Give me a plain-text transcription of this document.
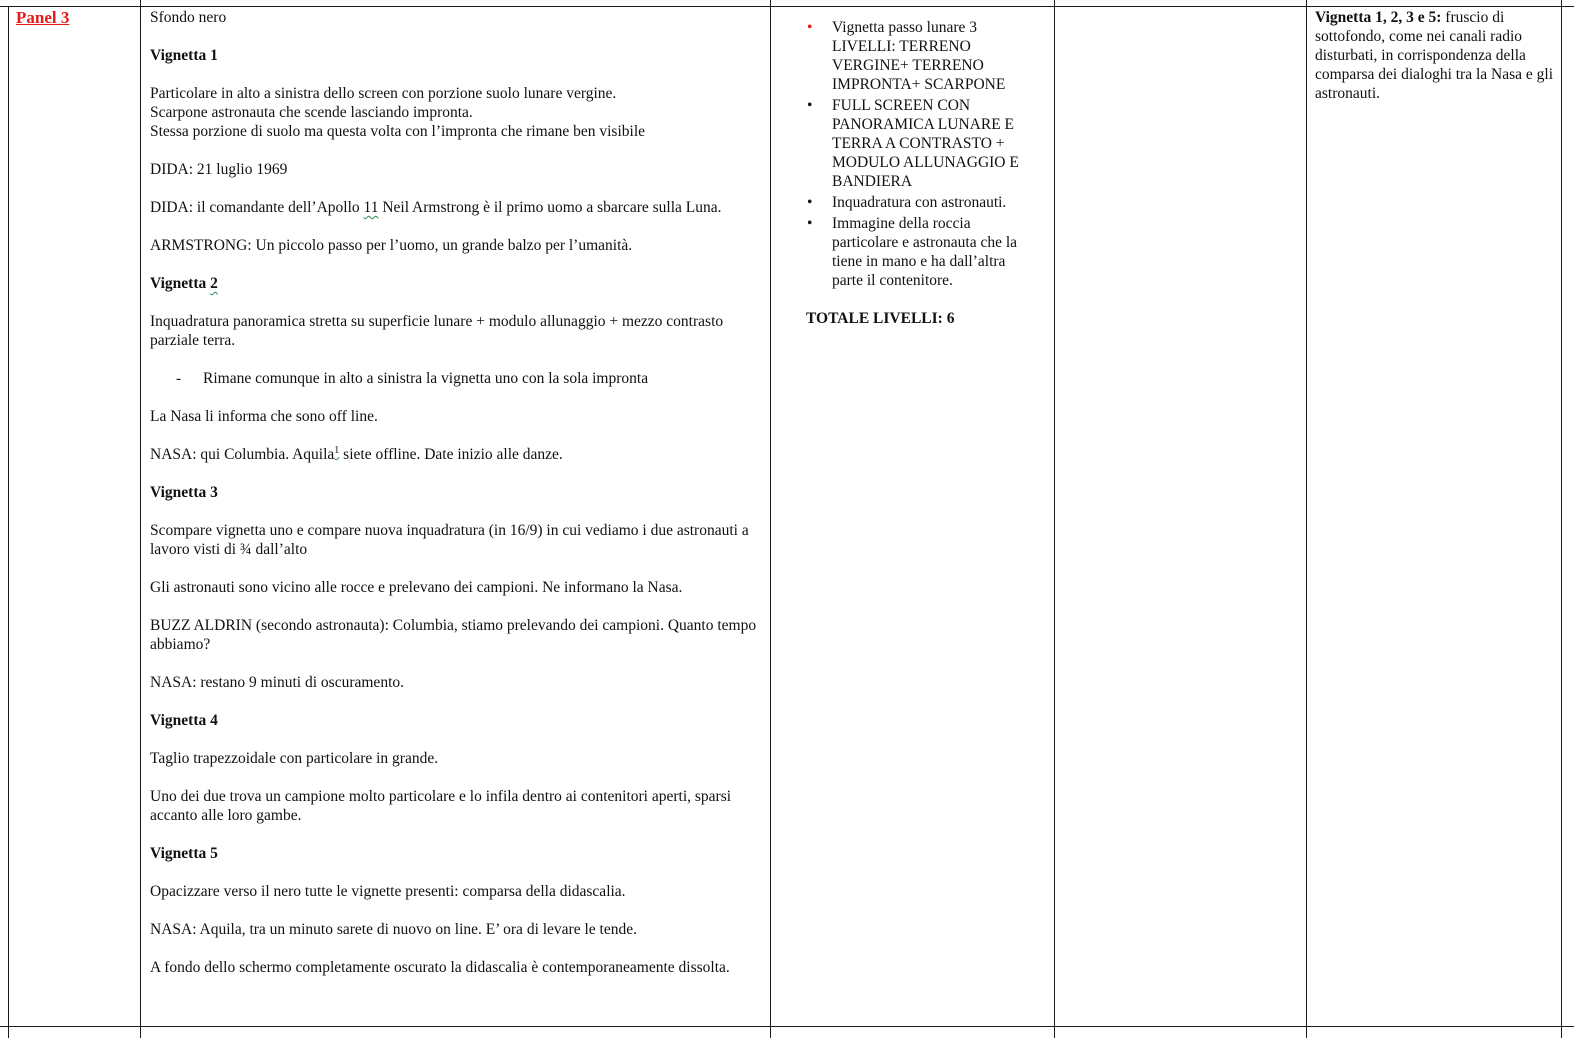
Panel 3	Sfondo nero

Vignetta 1

Particolare in alto a sinistra dello screen con porzione suolo lunare vergine.
Scarpone astronauta che scende lasciando impronta.
Stessa porzione di suolo ma questa volta con l’impronta che rimane ben visibile

DIDA: 21 luglio 1969

DIDA: il comandante dell’Apollo 11 Neil Armstrong è il primo uomo a sbarcare sulla Luna.

ARMSTRONG: Un piccolo passo per l’uomo, un grande balzo per l’umanità.

Vignetta 2

Inquadratura panoramica stretta su superficie lunare + modulo allunaggio + mezzo contrasto parziale terra.

- Rimane comunque in alto a sinistra la vignetta uno con la sola impronta

La Nasa li informa che sono off line.

NASA: qui Columbia. Aquila$^1$ siete offline. Date inizio alle danze.

Vignetta 3

Scompare vignetta uno e compare nuova inquadratura (in 16/9) in cui vediamo i due astronauti a lavoro visti di ¾ dall’alto

Gli astronauti sono vicino alle rocce e prelevano dei campioni. Ne informano la Nasa.

BUZZ ALDRIN (secondo astronauta): Columbia, stiamo prelevando dei campioni. Quanto tempo abbiamo?

NASA: restano 9 minuti di oscuramento.

Vignetta 4

Taglio trapezzoidale con particolare in grande.

Uno dei due trova un campione molto particolare e lo infila dentro ai contenitori aperti, sparsi accanto alle loro gambe.

Vignetta 5

Opacizzare verso il nero tutte le vignette presenti: comparsa della didascalia.

NASA: Aquila, tra un minuto sarete di nuovo on line. E’ ora di levare le tende.

A fondo dello schermo completamente oscurato la didascalia è contemporaneamente dissolta.

• Vignetta passo lunare 3 LIVELLI: TERRENO VERGINE+ TERRENO IMPRONTA+ SCARPONE
• FULL SCREEN CON PANORAMICA LUNARE E TERRA A CONTRASTO + MODULO ALLUNAGGIO E BANDIERA
• Inquadratura con astronauti.
• Immagine della roccia particolare e astronauta che la tiene in mano e ha dall’altra parte il contenitore.

TOTALE LIVELLI: 6

Vignetta 1, 2, 3 e 5: fruscio di sottofondo, come nei canali radio disturbati, in corrispondenza della comparsa dei dialoghi tra la Nasa e gli astronauti.
